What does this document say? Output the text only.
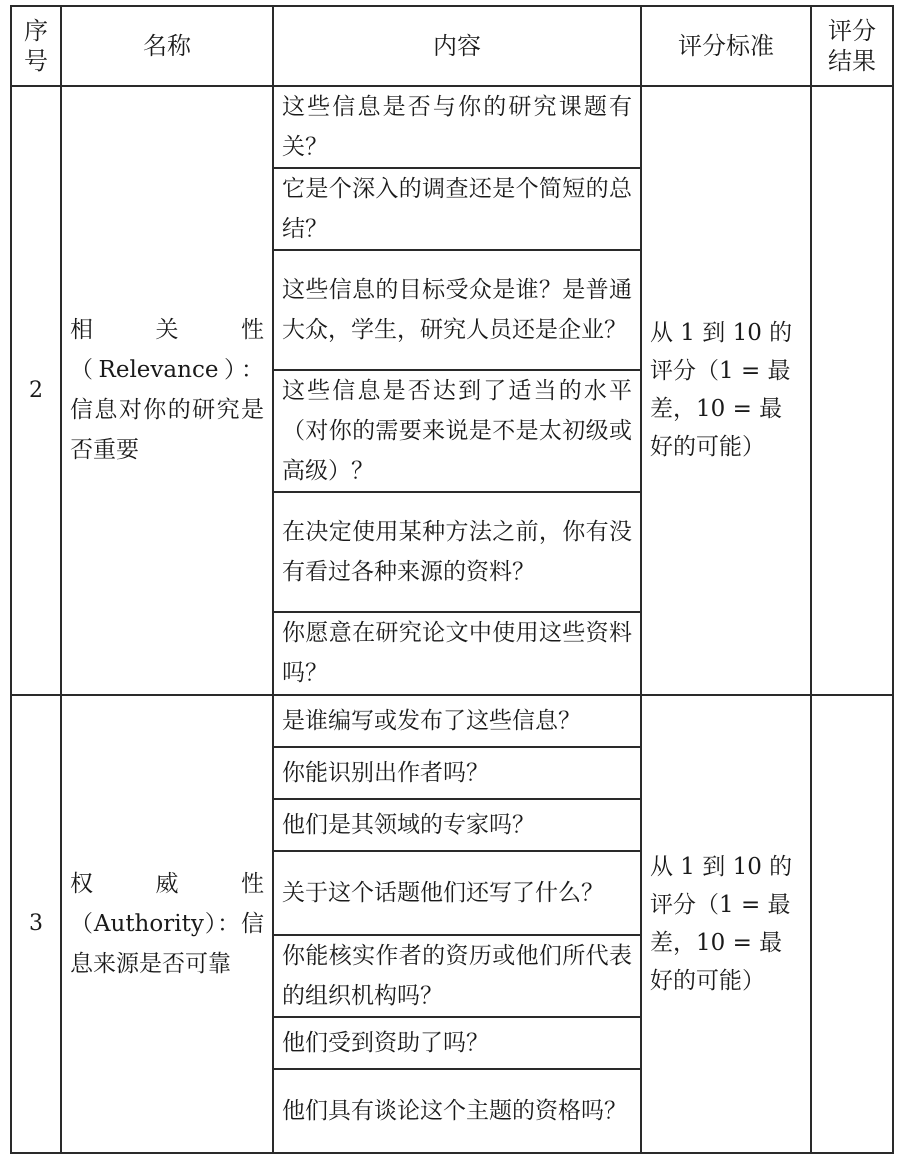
序号	名称	内容	评分标准	评分结果
2	相关性（Relevance）：信息对你的研究是否重要	这些信息是否与你的研究课题有关？	从 1 到 10 的评分（1 = 最差，10 = 最好的可能）	
		它是个深入的调查还是个简短的总结？		
		这些信息的目标受众是谁？是普通大众，学生，研究人员还是企业？		
		这些信息是否达到了适当的水平（对你的需要来说是不是太初级或高级）？		
		在决定使用某种方法之前，你有没有看过各种来源的资料？		
		你愿意在研究论文中使用这些资料吗？		
3	权威性（Authority）：信息来源是否可靠	是谁编写或发布了这些信息？	从 1 到 10 的评分（1 = 最差，10 = 最好的可能）	
		你能识别出作者吗？		
		他们是其领域的专家吗？		
		关于这个话题他们还写了什么？		
		你能核实作者的资历或他们所代表的组织机构吗？		
		他们受到资助了吗？		
		他们具有谈论这个主题的资格吗？		
